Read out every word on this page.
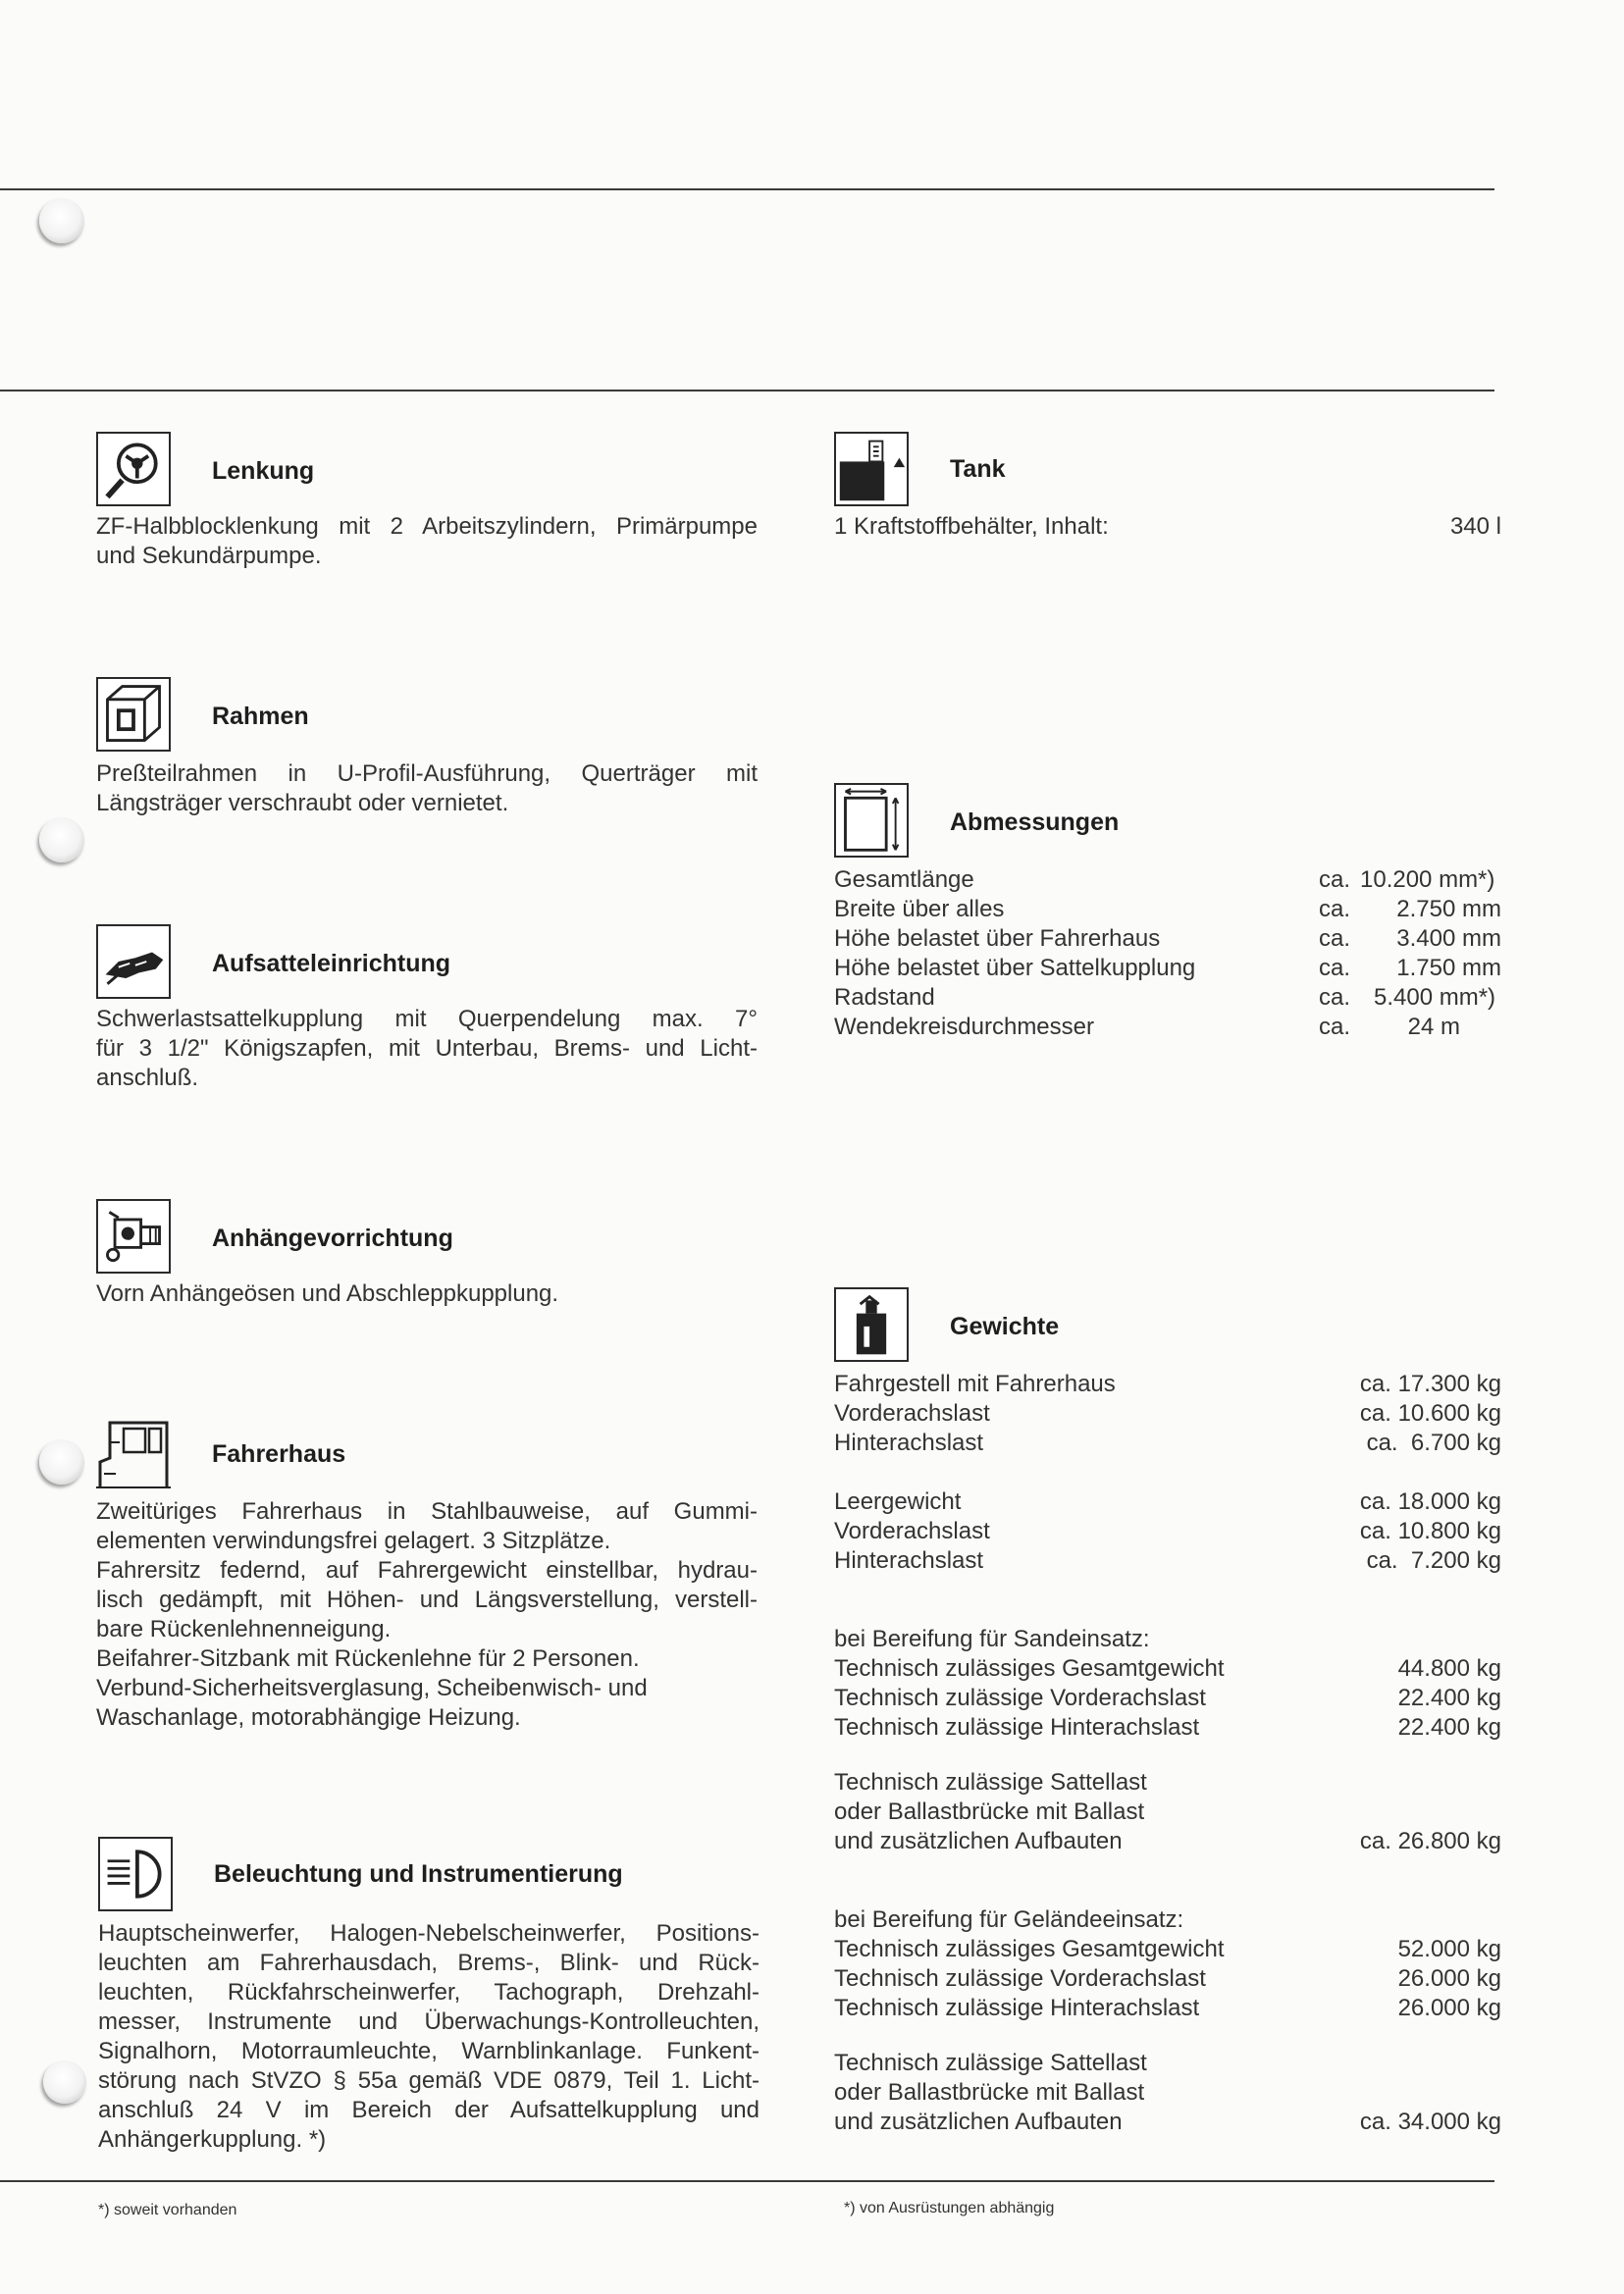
Lenkung
ZF-Halbblocklenkung mit 2 Arbeitszylindern, Primärpumpe
und Sekundärpumpe.
Rahmen
Preßteilrahmen in U-Profil-Ausführung, Querträger mit
Längsträger verschraubt oder vernietet.
Aufsatteleinrichtung
Schwerlastsattelkupplung mit Querpendelung max. 7°
für 3 1/2" Königszapfen, mit Unterbau, Brems- und Licht-
anschluß.
Anhängevorrichtung
Vorn Anhängeösen und Abschleppkupplung.
Fahrerhaus
Zweitüriges Fahrerhaus in Stahlbauweise, auf Gummi-
elementen verwindungsfrei gelagert. 3 Sitzplätze.
Fahrersitz federnd, auf Fahrergewicht einstellbar, hydrau-
lisch gedämpft, mit Höhen- und Längsverstellung, verstell-
bare Rückenlehnenneigung.
Beifahrer-Sitzbank mit Rückenlehne für 2 Personen.
Verbund-Sicherheitsverglasung, Scheibenwisch- und
Waschanlage, motorabhängige Heizung.
Beleuchtung und Instrumentierung
Hauptscheinwerfer, Halogen-Nebelscheinwerfer, Positions-
leuchten am Fahrerhausdach, Brems-, Blink- und Rück-
leuchten, Rückfahrscheinwerfer, Tachograph, Drehzahl-
messer, Instrumente und Überwachungs-Kontrolleuchten,
Signalhorn, Motorraumleuchte, Warnblinkanlage. Funkent-
störung nach StVZO § 55a gemäß VDE 0879, Teil 1. Licht-
anschluß 24 V im Bereich der Aufsattelkupplung und
Anhängerkupplung. *)
Tank
1 Kraftstoffbehälter, Inhalt:	340 l
Abmessungen
Gesamtlänge	ca. 10.200 mm*)
Breite über alles	ca.	2.750 mm
Höhe belastet über Fahrerhaus	ca.	3.400 mm
Höhe belastet über Sattelkupplung	ca.	1.750 mm
Radstand	ca. 5.400 mm*)
Wendekreisdurchmesser	ca.	24 m
Gewichte
Fahrgestell mit Fahrerhaus	ca. 17.300 kg
Vorderachslast	ca. 10.600 kg
Hinterachslast	ca.  6.700 kg
Leergewicht	ca. 18.000 kg
Vorderachslast	ca. 10.800 kg
Hinterachslast	ca.  7.200 kg
bei Bereifung für Sandeinsatz:
Technisch zulässiges Gesamtgewicht	44.800 kg
Technisch zulässige Vorderachslast	22.400 kg
Technisch zulässige Hinterachslast	22.400 kg
Technisch zulässige Sattellast
oder Ballastbrücke mit Ballast
und zusätzlichen Aufbauten	ca. 26.800 kg
bei Bereifung für Geländeeinsatz:
Technisch zulässiges Gesamtgewicht	52.000 kg
Technisch zulässige Vorderachslast	26.000 kg
Technisch zulässige Hinterachslast	26.000 kg
Technisch zulässige Sattellast
oder Ballastbrücke mit Ballast
und zusätzlichen Aufbauten	ca. 34.000 kg
*) soweit vorhanden	*) von Ausrüstungen abhängig
